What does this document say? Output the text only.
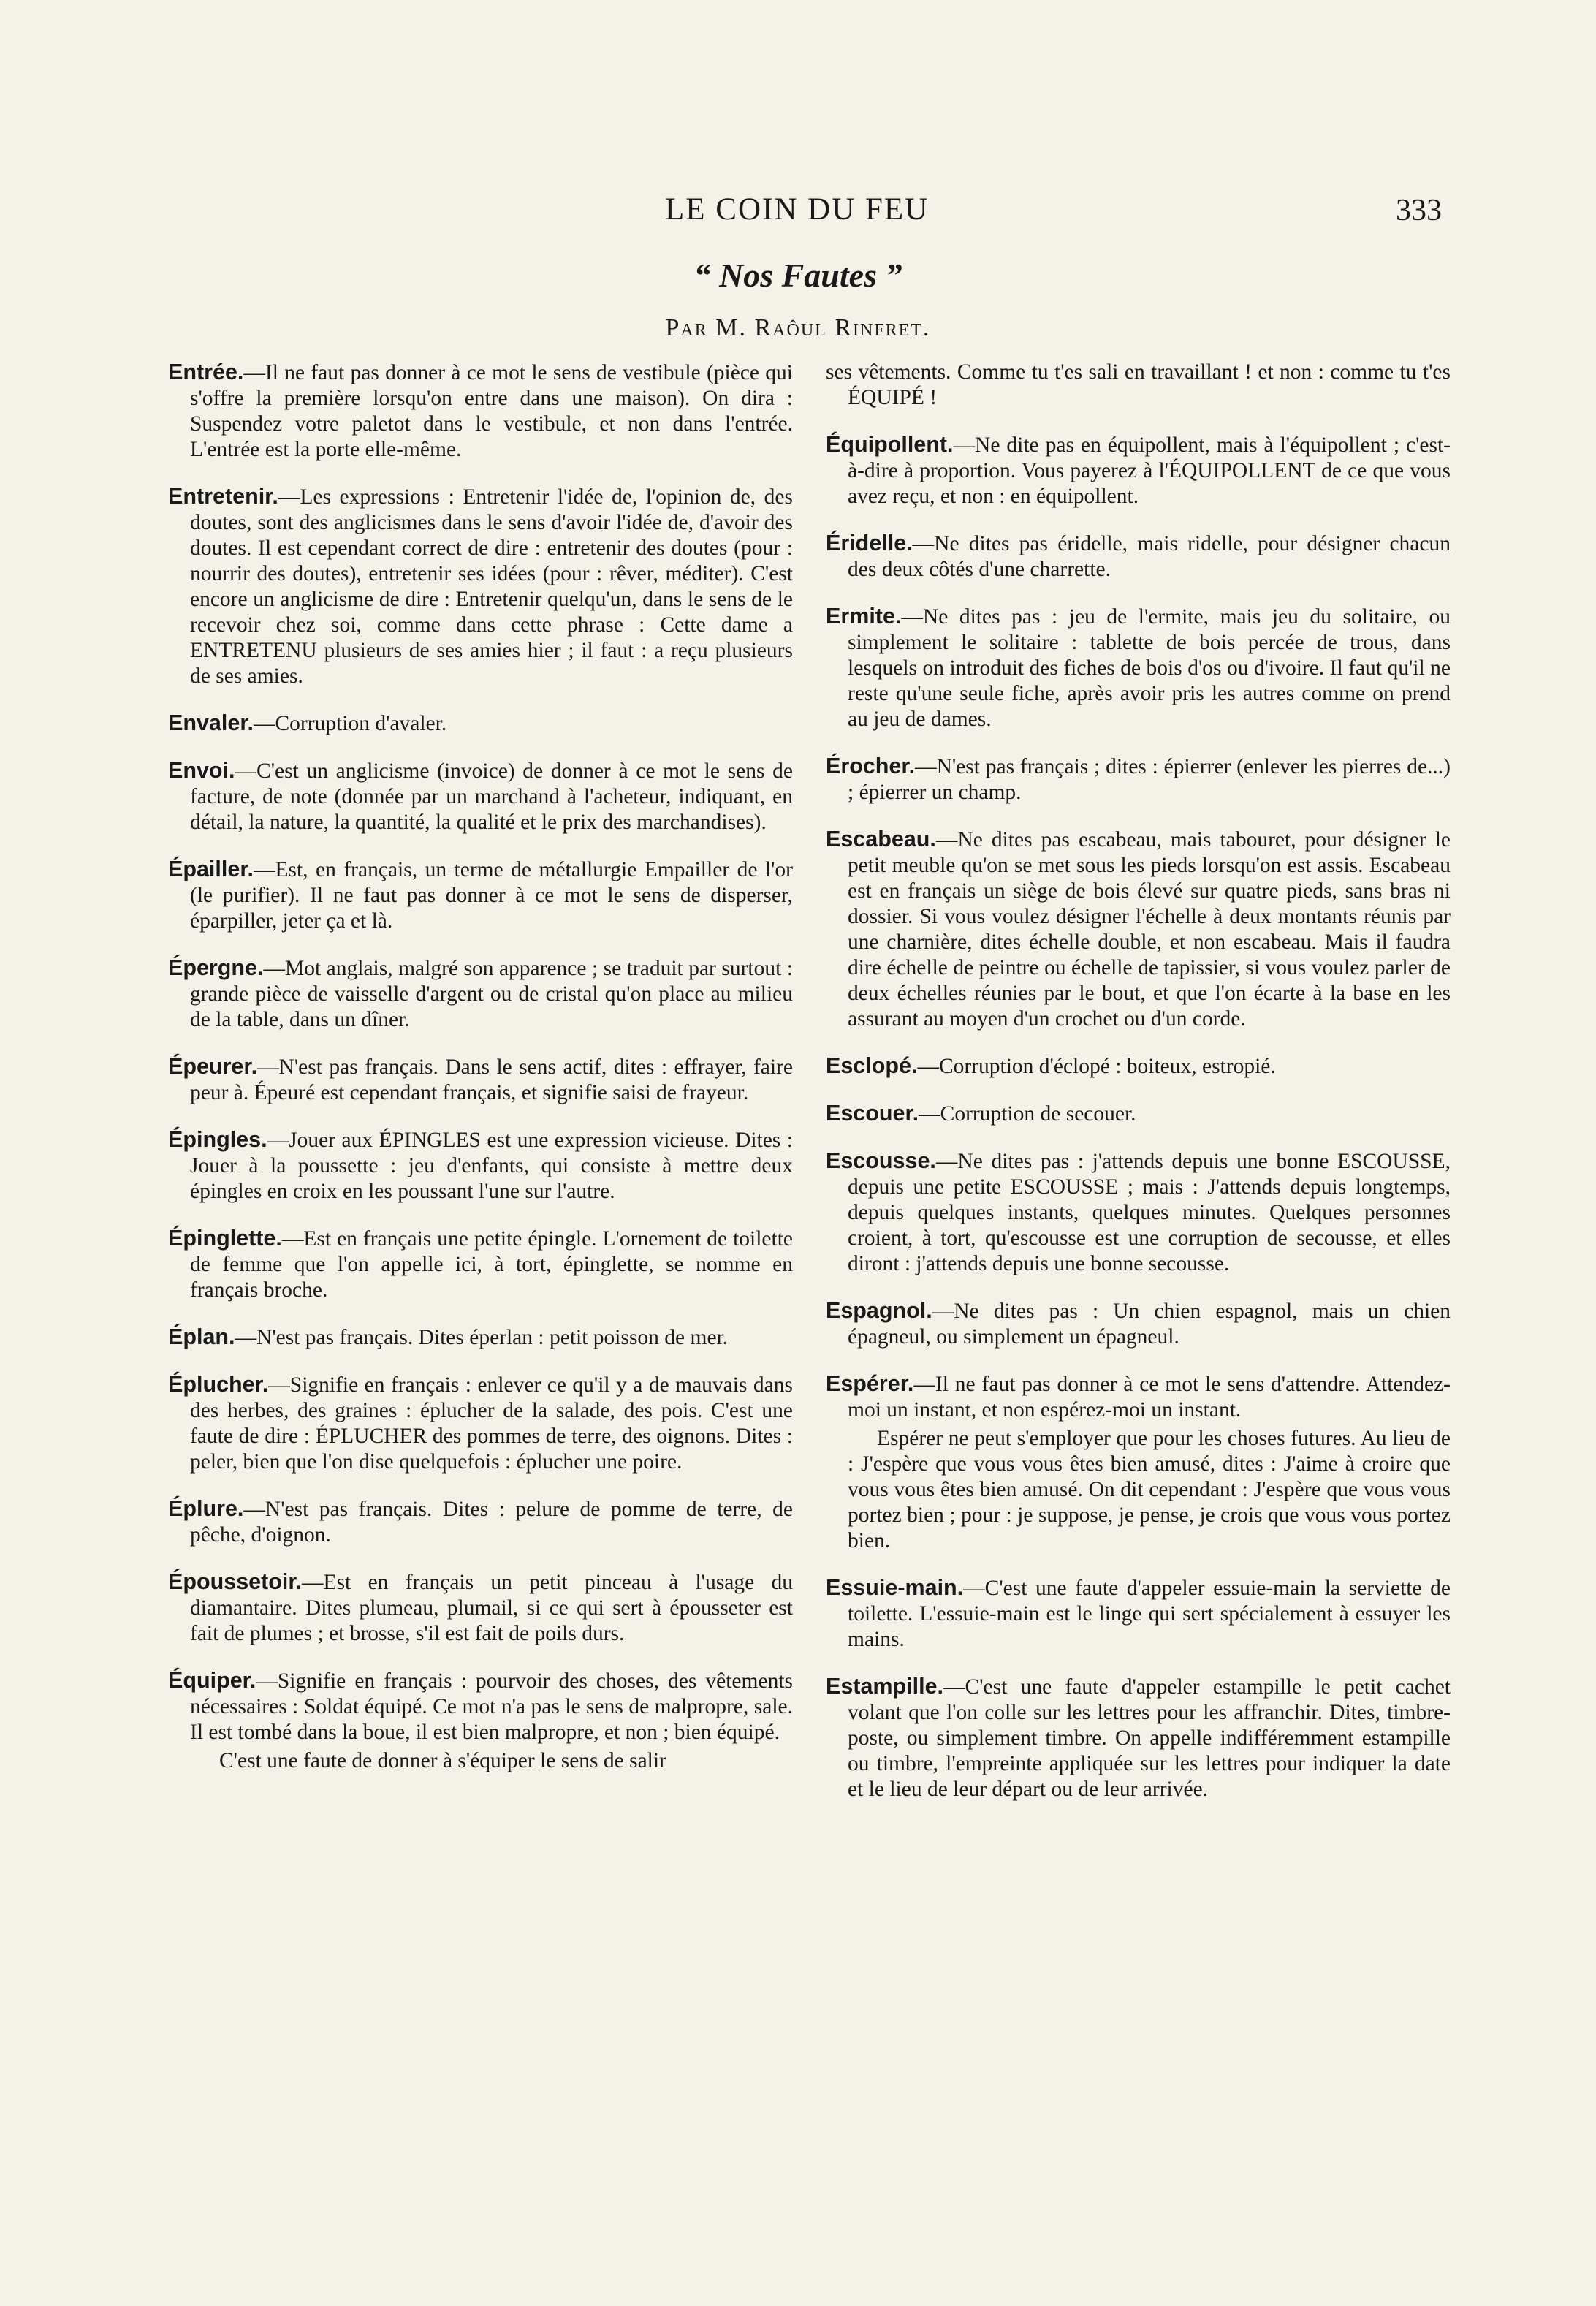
LE COIN DU FEU	333
“ Nos Fautes ”
Par M. Raôul Rinfret.
Entrée.—Il ne faut pas donner à ce mot le sens de vestibule (pièce qui s'offre la première lorsqu'on entre dans une maison). On dira : Suspendez votre paletot dans le vestibule, et non dans l'entrée. L'entrée est la porte elle-même.
Entretenir.—Les expressions : Entretenir l'idée de, l'opinion de, des doutes, sont des anglicismes dans le sens d'avoir l'idée de, d'avoir des doutes. Il est cependant correct de dire : entretenir des doutes (pour : nourrir des doutes), entretenir ses idées (pour : rêver, méditer). C'est encore un anglicisme de dire : Entretenir quelqu'un, dans le sens de le recevoir chez soi, comme dans cette phrase : Cette dame a ENTRETENU plusieurs de ses amies hier ; il faut : a reçu plusieurs de ses amies.
Envaler.—Corruption d'avaler.
Envoi.—C'est un anglicisme (invoice) de donner à ce mot le sens de facture, de note (donnée par un marchand à l'acheteur, indiquant, en détail, la nature, la quantité, la qualité et le prix des marchandises).
Épailler.—Est, en français, un terme de métallurgie Empailler de l'or (le purifier). Il ne faut pas donner à ce mot le sens de disperser, éparpiller, jeter ça et là.
Épergne.—Mot anglais, malgré son apparence ; se traduit par surtout : grande pièce de vaisselle d'argent ou de cristal qu'on place au milieu de la table, dans un dîner.
Épeurer.—N'est pas français. Dans le sens actif, dites : effrayer, faire peur à. Épeuré est cependant français, et signifie saisi de frayeur.
Épingles.—Jouer aux ÉPINGLES est une expression vicieuse. Dites : Jouer à la poussette : jeu d'enfants, qui consiste à mettre deux épingles en croix en les poussant l'une sur l'autre.
Épinglette.—Est en français une petite épingle. L'ornement de toilette de femme que l'on appelle ici, à tort, épinglette, se nomme en français broche.
Éplan.—N'est pas français. Dites éperlan : petit poisson de mer.
Éplucher.—Signifie en français : enlever ce qu'il y a de mauvais dans des herbes, des graines : éplucher de la salade, des pois. C'est une faute de dire : ÉPLUCHER des pommes de terre, des oignons. Dites : peler, bien que l'on dise quelquefois : éplucher une poire.
Éplure.—N'est pas français. Dites : pelure de pomme de terre, de pêche, d'oignon.
Époussetoir.—Est en français un petit pinceau à l'usage du diamantaire. Dites plumeau, plumail, si ce qui sert à épousseter est fait de plumes ; et brosse, s'il est fait de poils durs.
Équiper.—Signifie en français : pourvoir des choses, des vêtements nécessaires : Soldat équipé. Ce mot n'a pas le sens de malpropre, sale. Il est tombé dans la boue, il est bien malpropre, et non ; bien équipé.
C'est une faute de donner à s'équiper le sens de salir
ses vêtements. Comme tu t'es sali en travaillant ! et non : comme tu t'es ÉQUIPÉ !
Équipollent.—Ne dite pas en équipollent, mais à l'équipollent ; c'est-à-dire à proportion. Vous payerez à l'ÉQUIPOLLENT de ce que vous avez reçu, et non : en équipollent.
Éridelle.—Ne dites pas éridelle, mais ridelle, pour désigner chacun des deux côtés d'une charrette.
Ermite.—Ne dites pas : jeu de l'ermite, mais jeu du solitaire, ou simplement le solitaire : tablette de bois percée de trous, dans lesquels on introduit des fiches de bois d'os ou d'ivoire. Il faut qu'il ne reste qu'une seule fiche, après avoir pris les autres comme on prend au jeu de dames.
Érocher.—N'est pas français ; dites : épierrer (enlever les pierres de...) ; épierrer un champ.
Escabeau.—Ne dites pas escabeau, mais tabouret, pour désigner le petit meuble qu'on se met sous les pieds lorsqu'on est assis. Escabeau est en français un siège de bois élevé sur quatre pieds, sans bras ni dossier. Si vous voulez désigner l'échelle à deux montants réunis par une charnière, dites échelle double, et non escabeau. Mais il faudra dire échelle de peintre ou échelle de tapissier, si vous voulez parler de deux échelles réunies par le bout, et que l'on écarte à la base en les assurant au moyen d'un crochet ou d'un corde.
Esclopé.—Corruption d'éclopé : boiteux, estropié.
Escouer.—Corruption de secouer.
Escousse.—Ne dites pas : j'attends depuis une bonne ESCOUSSE, depuis une petite ESCOUSSE ; mais : J'attends depuis longtemps, depuis quelques instants, quelques minutes. Quelques personnes croient, à tort, qu'escousse est une corruption de secousse, et elles diront : j'attends depuis une bonne secousse.
Espagnol.—Ne dites pas : Un chien espagnol, mais un chien épagneul, ou simplement un épagneul.
Espérer.—Il ne faut pas donner à ce mot le sens d'attendre. Attendez-moi un instant, et non espérez-moi un instant.
Espérer ne peut s'employer que pour les choses futures. Au lieu de : J'espère que vous vous êtes bien amusé, dites : J'aime à croire que vous vous êtes bien amusé. On dit cependant : J'espère que vous vous portez bien ; pour : je suppose, je pense, je crois que vous vous portez bien.
Essuie-main.—C'est une faute d'appeler essuie-main la serviette de toilette. L'essuie-main est le linge qui sert spécialement à essuyer les mains.
Estampille.—C'est une faute d'appeler estampille le petit cachet volant que l'on colle sur les lettres pour les affranchir. Dites, timbre-poste, ou simplement timbre. On appelle indifféremment estampille ou timbre, l'empreinte appliquée sur les lettres pour indiquer la date et le lieu de leur départ ou de leur arrivée.
